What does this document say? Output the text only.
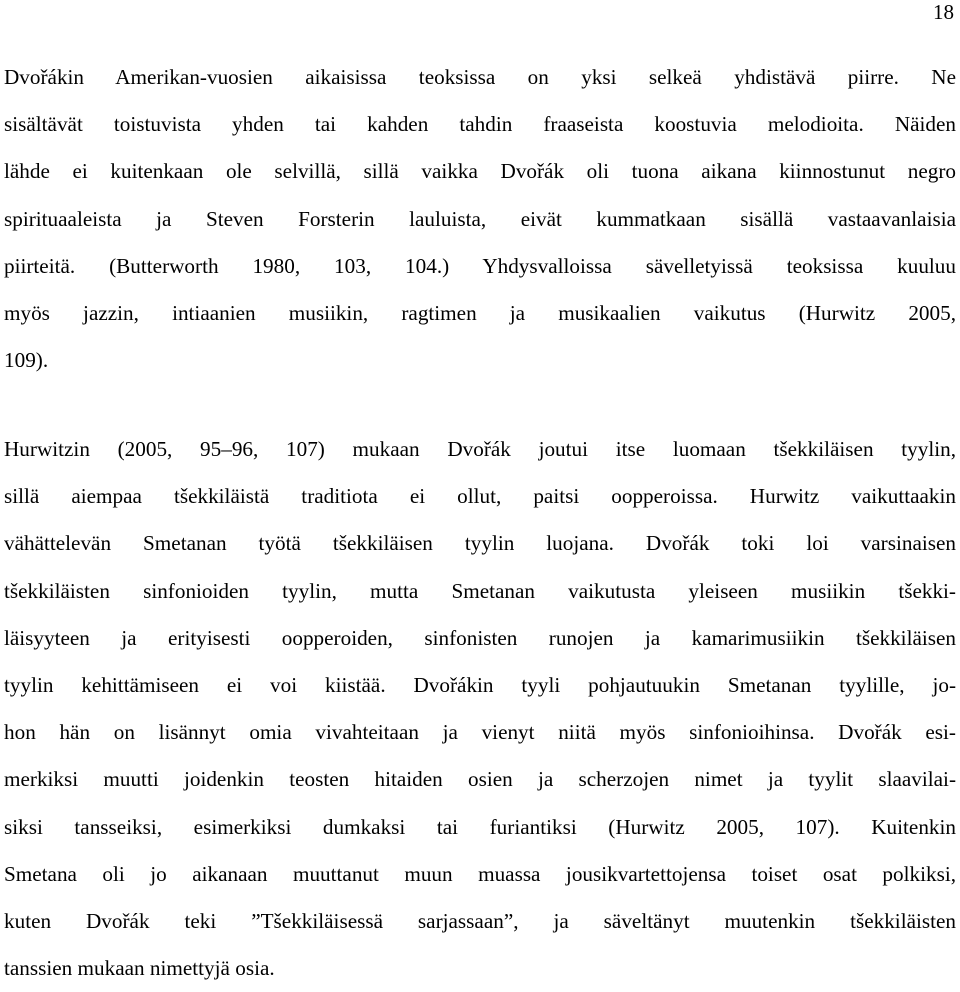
18
Dvořákin Amerikan-vuosien aikaisissa teoksissa on yksi selkeä yhdistävä piirre. Ne
sisältävät toistuvista yhden tai kahden tahdin fraaseista koostuvia melodioita. Näiden
lähde ei kuitenkaan ole selvillä, sillä vaikka Dvořák oli tuona aikana kiinnostunut negro
spirituaaleista ja Steven Forsterin lauluista, eivät kummatkaan sisällä vastaavanlaisia
piirteitä. (Butterworth 1980, 103, 104.) Yhdysvalloissa sävelletyissä teoksissa kuuluu
myös jazzin, intiaanien musiikin, ragtimen ja musikaalien vaikutus (Hurwitz 2005,
109).
Hurwitzin (2005, 95–96, 107) mukaan Dvořák joutui itse luomaan tšekkiläisen tyylin,
sillä aiempaa tšekkiläistä traditiota ei ollut, paitsi oopperoissa. Hurwitz vaikuttaakin
vähättelevän Smetanan työtä tšekkiläisen tyylin luojana. Dvořák toki loi varsinaisen
tšekkiläisten sinfonioiden tyylin, mutta Smetanan vaikutusta yleiseen musiikin tšekki-
läisyyteen ja erityisesti oopperoiden, sinfonisten runojen ja kamarimusiikin tšekkiläisen
tyylin kehittämiseen ei voi kiistää. Dvořákin tyyli pohjautuukin Smetanan tyylille, jo-
hon hän on lisännyt omia vivahteitaan ja vienyt niitä myös sinfonioihinsa. Dvořák esi-
merkiksi muutti joidenkin teosten hitaiden osien ja scherzojen nimet ja tyylit slaavilai-
siksi tansseiksi, esimerkiksi dumkaksi tai furiantiksi (Hurwitz 2005, 107). Kuitenkin
Smetana oli jo aikanaan muuttanut muun muassa jousikvartettojensa toiset osat polkiksi,
kuten Dvořák teki ”Tšekkiläisessä sarjassaan”, ja säveltänyt muutenkin tšekkiläisten
tanssien mukaan nimettyjä osia.
